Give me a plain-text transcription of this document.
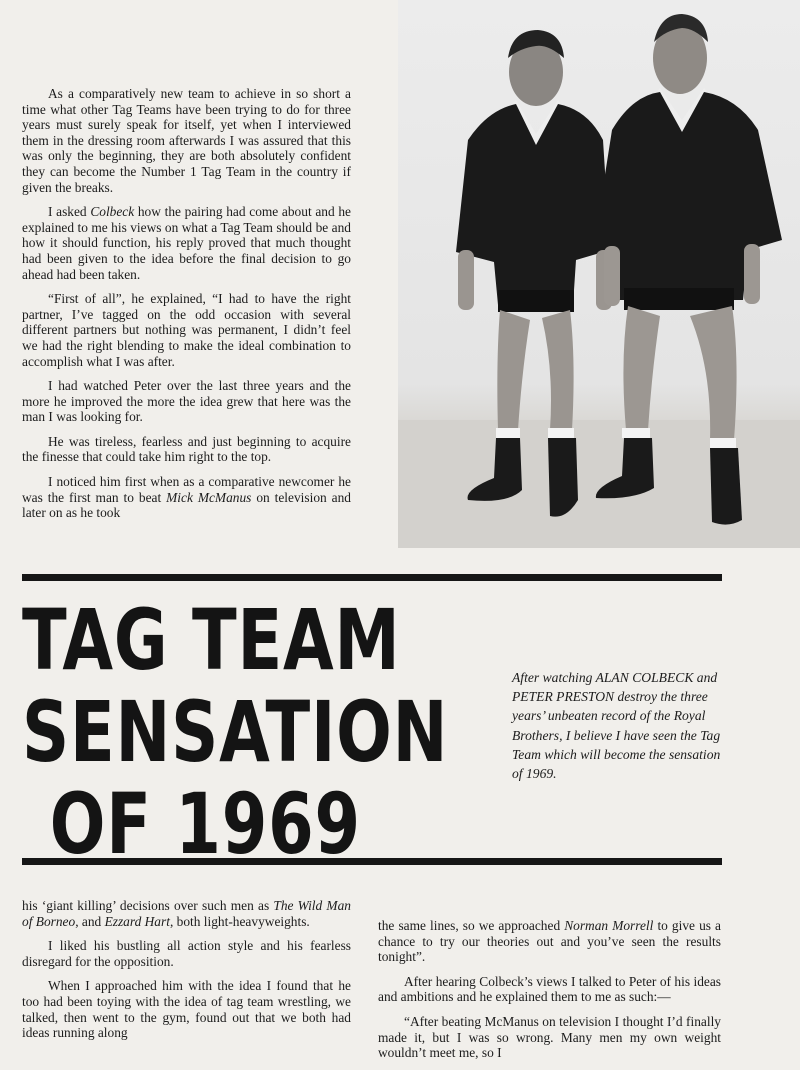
As a comparatively new team to achieve in so short a time what other Tag Teams have been trying to do for three years must surely speak for itself, yet when I interviewed them in the dressing room afterwards I was assured that this was only the beginning, they are both absolutely confident they can become the Number 1 Tag Team in the country if given the breaks.

I asked Colbeck how the pairing had come about and he explained to me his views on what a Tag Team should be and how it should function, his reply proved that much thought had been given to the idea before the final decision to go ahead had been taken.

“First of all”, he explained, “I had to have the right partner, I’ve tagged on the odd occasion with several different partners but nothing was permanent, I didn’t feel we had the right blending to make the ideal combination to accomplish what I was after.

I had watched Peter over the last three years and the more he improved the more the idea grew that here was the man I was looking for.

He was tireless, fearless and just beginning to acquire the finesse that could take him right to the top.

I noticed him first when as a comparative newcomer he was the first man to beat Mick McManus on television and later on as he took

TAG TEAM
SENSATION
OF 1969
After watching ALAN COLBECK and PETER PRESTON destroy the three years’ unbeaten record of the Royal Brothers, I believe I have seen the Tag Team which will become the sensation of 1969.

his ‘giant killing’ decisions over such men as The Wild Man of Borneo, and Ezzard Hart, both light-heavyweights.

I liked his bustling all action style and his fearless disregard for the opposition.

When I approached him with the idea I found that he too had been toying with the idea of tag team wrestling, we talked, then went to the gym, found out that we both had ideas running along

the same lines, so we approached Norman Morrell to give us a chance to try our theories out and you’ve seen the results tonight”.

After hearing Colbeck’s views I talked to Peter of his ideas and ambitions and he explained them to me as such:—

“After beating McManus on television I thought I’d finally made it, but I was so wrong. Many men my own weight wouldn’t meet me, so I
